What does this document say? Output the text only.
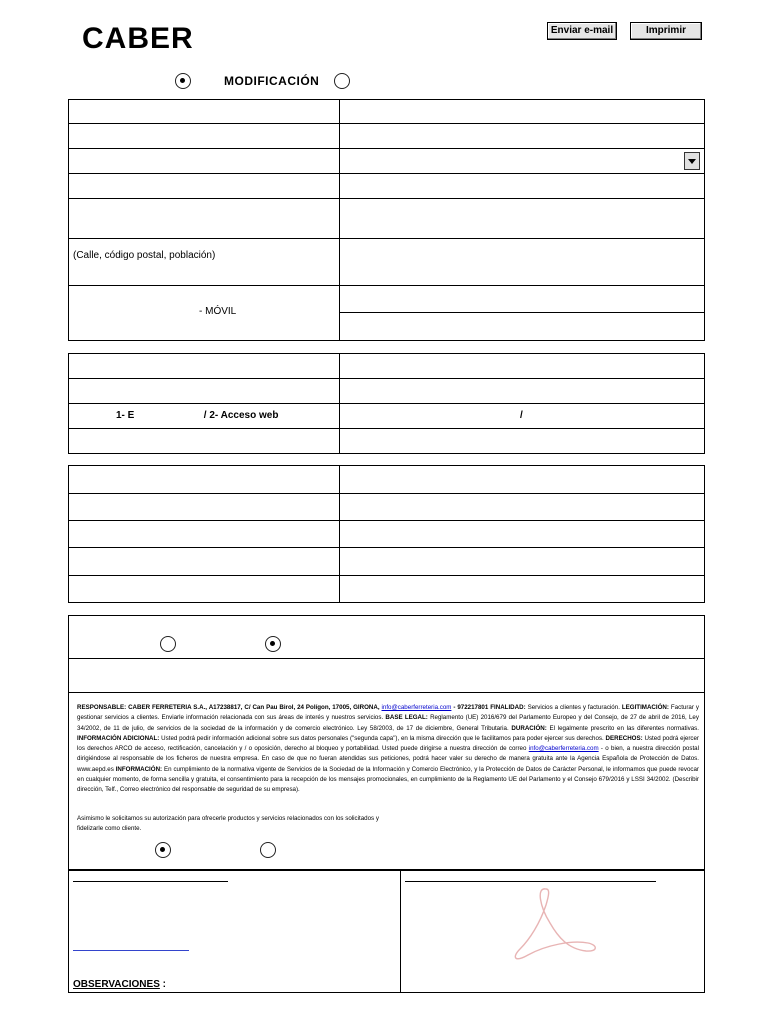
CABER	Enviar e-mail	Imprimir
MODIFICACIÓN
(Calle, código postal, población)
- MÓVIL
1- E                         / 2- Acceso web	/
RESPONSABLE: CABER FERRETERIA S.A., A17238817, C/ Can Pau Birol, 24 Polígon, 17005, GIRONA, info@caberferreteria.com - 972217801 FINALIDAD: Servicios a clientes y facturación. LEGITIMACIÓN: Facturar y gestionar servicios a clientes. Enviarle información relacionada con sus áreas de interés y nuestros servicios. BASE LEGAL: Reglamento (UE) 2016/679 del Parlamento Europeo y del Consejo, de 27 de abril de 2016, Ley 34/2002, de 11 de julio, de servicios de la sociedad de la información y de comercio electrónico. Ley 58/2003, de 17 de diciembre, General Tributaria. DURACIÓN: El legalmente prescrito en las diferentes normativas. INFORMACIÓN ADICIONAL: Usted podrá pedir información adicional sobre sus datos personales ("segunda capa"), en la misma dirección que le facilitamos para poder ejercer sus derechos. DERECHOS: Usted podrá ejercer los derechos ARCO de acceso, rectificación, cancelación y / o oposición, derecho al bloqueo y portabilidad. Usted puede dirigirse a nuestra dirección de correo info@caberferreteria.com - o bien, a nuestra dirección postal dirigiéndose al responsable de los ficheros de nuestra empresa. En caso de que no fueran atendidas sus peticiones, podrá hacer valer su derecho de manera gratuita ante la Agencia Española de Protección de Datos. www.aepd.es INFORMACIÓN: En cumplimiento de la normativa vigente de Servicios de la Sociedad de la Información y Comercio Electrónico, y la Protección de Datos de Carácter Personal, le informamos que puede revocar en cualquier momento, de forma sencilla y gratuita, el consentimiento para la recepción de los mensajes promocionales, en cumplimiento de la Reglamento UE del Parlamento y el Consejo 679/2016 y LSSI 34/2002. (Describir dirección, Telf., Correo electrónico del responsable de seguridad de su empresa).
Asimismo le solicitamos su autorización para ofrecerle productos y servicios relacionados con los solicitados y
fidelizarle como cliente.
OBSERVACIONES :
